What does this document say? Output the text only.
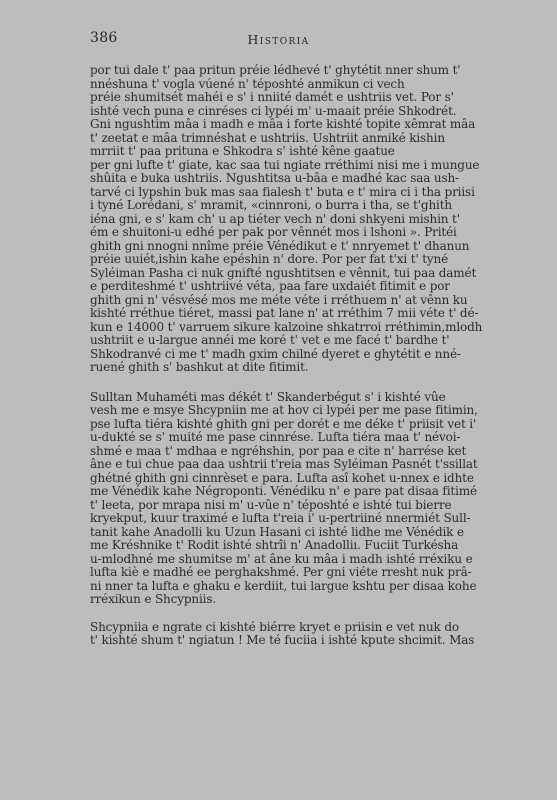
386	Historia
por tui dale t' paa pritun préie lédhevé t' ghytétit nner shum t'
nnéshuna t' vogla vúené n' téposhté anmikun ci vech
préie shumitsét mahéi e s' i nniité damét e ushtriis vet. Por s'
ishté vech puna e cinréses ci lypéi m' u-maait préie Shkodrét.
Gni ngushtim mâa i madh e mâa i forte kishté topite xêmrat mâa
t' zeetat e mâa trimnéshat e ushtriis. Ushtriit anmiké kishin
mrriit t' paa prituna e Shkodra s' ishté kêne gaatue
per gni lufte t' giate, kac saa tui ngiate rréthimi nisi me i mungue
shûita e buka ushtriis. Ngushtitsa u-bâa e madhé kac saa ush-
tarvé ci lypshin buk mas saa fialesh t' buta e t' mira ci i tha priisi
i tyné Lorédani, s' mramit, «cinnroni, o burra i tha, se t'ghith
iéna gni, e s' kam ch' u ap tiéter vech n' doni shkyeni mishin t'
ém e shuitoni-u edhé per pak por vênnét mos i lshoni ». Pritéi
ghith gni nnogni nnîme préie Vénédikut e t' nnryemet t' dhanun
préie uuiét,ishin kahe epéshin n' dore. Por per fat t'xi t' tyné
Syléiman Pasha ci nuk gnifté ngushtitsen e vênnit, tui paa damét
e perditeshmé t' ushtriivé véta, paa fare uxdaiét fitimit e por
ghith gni n' vésvésé mos me méte véte i rréthuem n' at vênn ku
kishté rréthue tiéret, massi pat lane n' at rréthim 7 mii véte t' dé-
kun e 14000 t' varruem sikure kalzoine shkatrroi rréthimin,mlodh
ushtriit e u-largue annéi me koré t' vet e me facé t' bardhe t'
Shkodranvé ci me t' madh gxim chilné dyeret e ghytétit e nné-
ruené ghith s' bashkut at dite fitimit.
Sulltan Muhaméti mas dékét t' Skanderbégut s' i kishté vûe
vesh me e msye Shcypniin me at hov ci lypéi per me pase fitimin,
pse lufta tiéra kishté ghith gni per dorét e me déke t' priisit vet i'
u-dukté se s' muité me pase cinnrése. Lufta tiéra maa t' névoi-
shmé e maa t' mdhaa e ngréhshin, por paa e cite n' harrése ket
âne e tui chue paa daa ushtrii t'reia mas Syléiman Pasnét t'ssillat
ghétné ghith gni cinnrèset e para. Lufta asî kohet u-nnex e idhte
me Vénédik kahe Négroponti. Vénédiku n' e pare pat disaa fitimé
t' leeta, por mrapa nisi m' u-vûe n' téposhté e ishté tui bierre
kryekput, kuur traximé e lufta t'reia i' u-pertriiné nnermiét Sull-
tanit kahe Anadolli ku Uzun Hasani ci ishté lidhe me Vénédik e
me Kréshnike t' Rodit ishté shtrîi n' Anadolliı. Fuciit Turkésha
u-mlodhné me shumitse m' at âne ku mâa i madh ishté rréxiku e
lufta kiè e madhé ee perghakshmé. Per gni viéte rresht nuk prâ-
ni nner ta lufta e ghaku e kerdiit, tui largue kshtu per disaa kohe
rréxikun e Shcypniis.
Shcypniia e ngrate ci kishté biérre kryet e priisin e vet nuk do
t' kishté shum t' ngiatun ! Me té fuciia i ishté kpute shcimit. Mas
